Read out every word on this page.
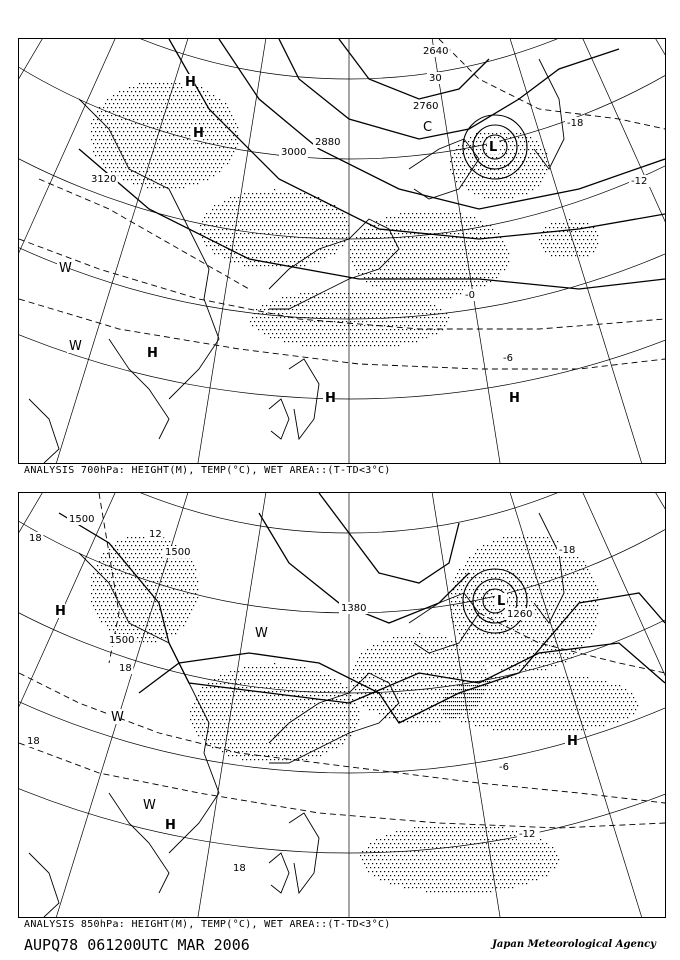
3120
3000
2880
2760
2640
30
-18
-12
-6
-0
H
H
H
H	H
L
W
W
C
ANALYSIS 700hPa: HEIGHT(M), TEMP(°C), WET AREA::(T-TD<3°C)
1500
1500
1500
1380
1260
18	12
18
18
18
-6
-12
-18
H
H
H
L
W
W
W
ANALYSIS 850hPa: HEIGHT(M), TEMP(°C), WET AREA::(T-TD<3°C)
AUPQ78 061200UTC MAR 2006	Japan Meteorological Agency
